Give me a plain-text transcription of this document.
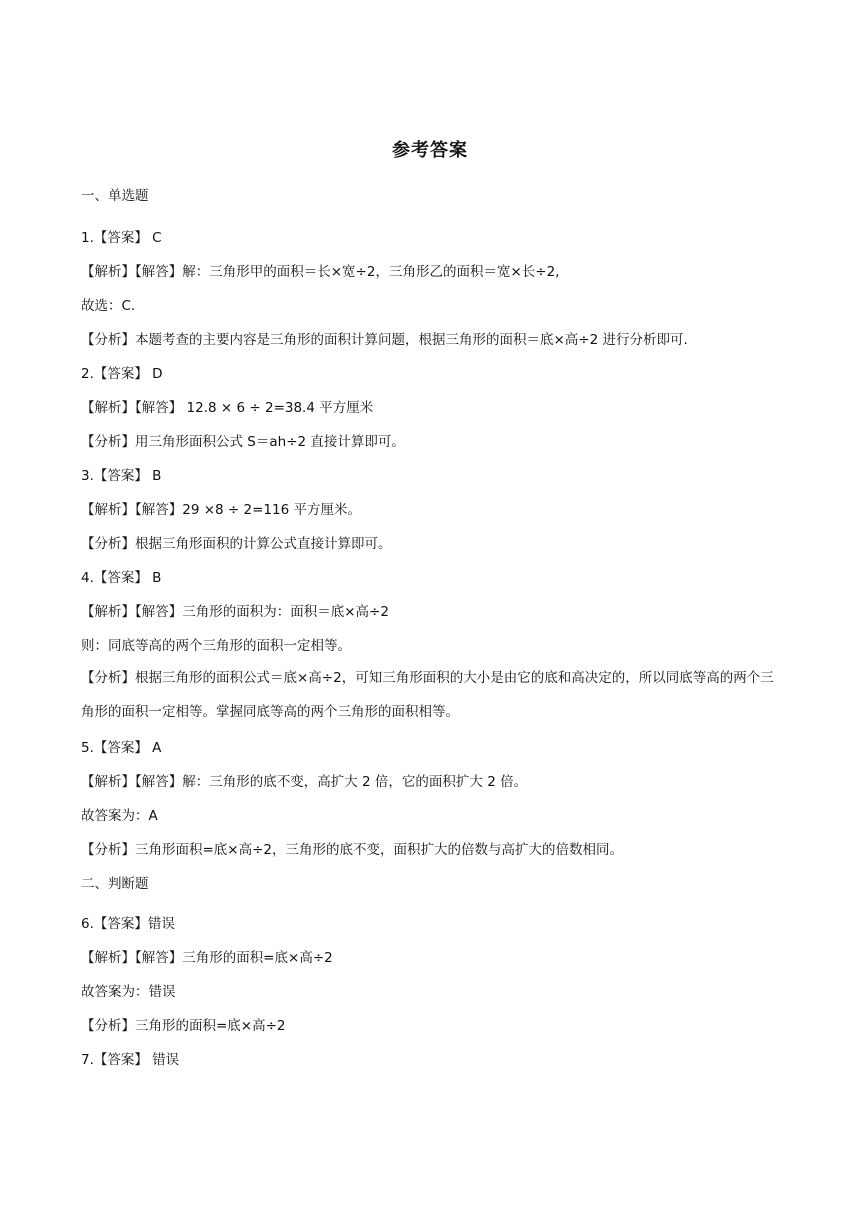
参考答案
一、单选题
1.【答案】 C
【解析】【解答】解：三角形甲的面积＝长×宽÷2，三角形乙的面积＝宽×长÷2,
故选：C.
【分析】本题考查的主要内容是三角形的面积计算问题，根据三角形的面积＝底×高÷2 进行分析即可.
2.【答案】 D
【解析】【解答】 12.8 × 6 ÷ 2=38.4 平方厘米
【分析】用三角形面积公式 S＝ah÷2 直接计算即可。
3.【答案】 B
【解析】【解答】29 ×8 ÷ 2=116 平方厘米。
【分析】根据三角形面积的计算公式直接计算即可。
4.【答案】 B
【解析】【解答】三角形的面积为：面积＝底×高÷2
则：同底等高的两个三角形的面积一定相等。
【分析】根据三角形的面积公式＝底×高÷2，可知三角形面积的大小是由它的底和高决定的，所以同底等高的两个三角形的面积一定相等。掌握同底等高的两个三角形的面积相等。
5.【答案】 A
【解析】【解答】解：三角形的底不变，高扩大 2 倍，它的面积扩大 2 倍。
故答案为：A
【分析】三角形面积=底×高÷2，三角形的底不变，面积扩大的倍数与高扩大的倍数相同。
二、判断题
6.【答案】错误
【解析】【解答】三角形的面积=底×高÷2
故答案为：错误
【分析】三角形的面积=底×高÷2
7.【答案】 错误
